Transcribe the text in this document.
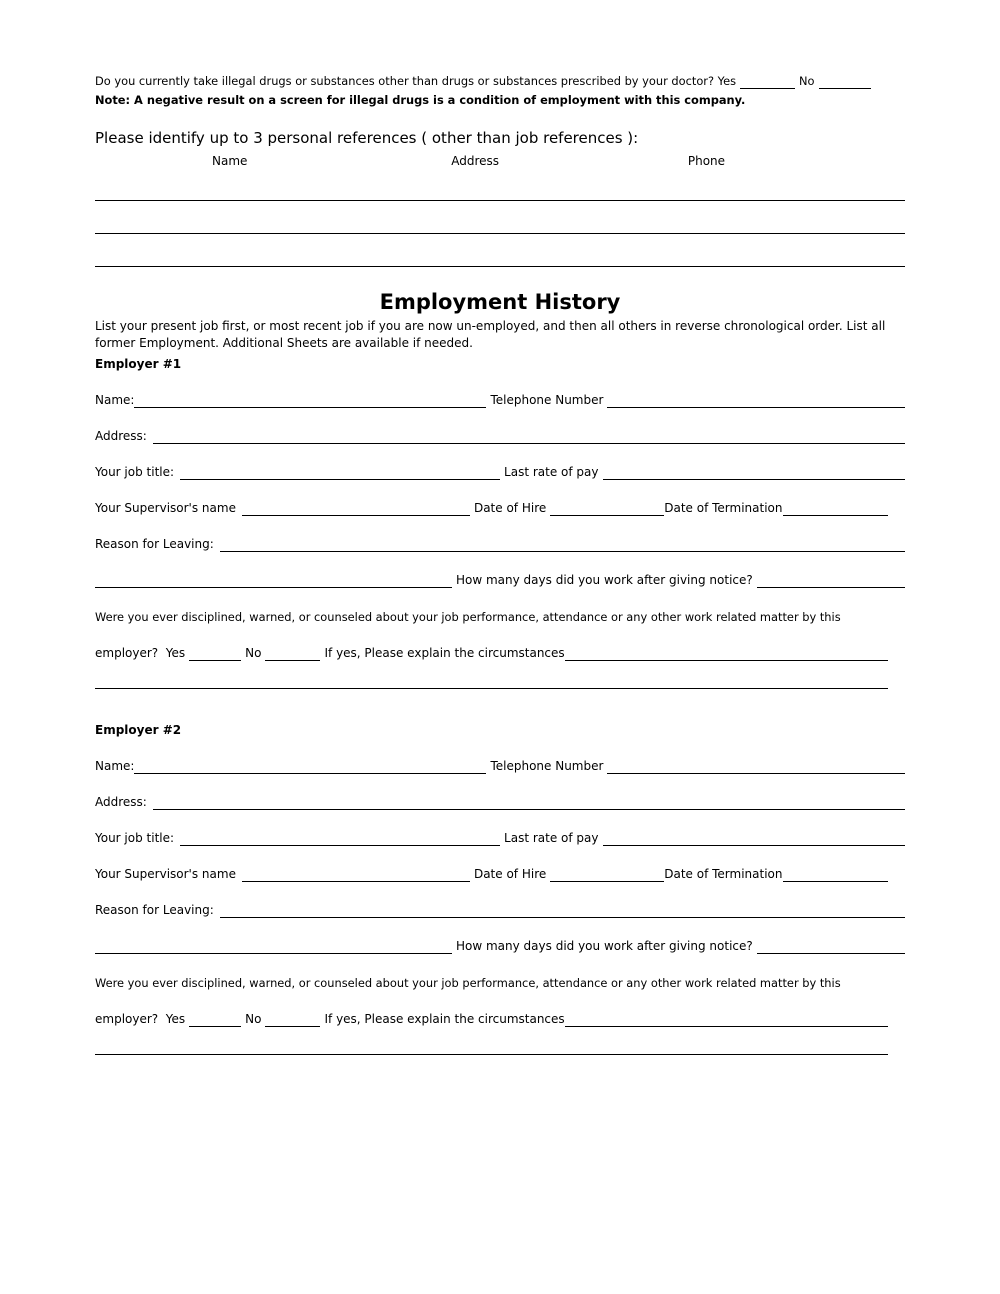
Do you currently take illegal drugs or substances other than drugs or substances prescribed by your doctor? Yes	No
Note: A negative result on a screen for illegal drugs is a condition of employment with this company.
Please identify up to 3 personal references ( other than job references ):
Name	Address	Phone
Employment History
List your present job first, or most recent job if you are now un-employed, and then all others in reverse chronological order. List all former Employment. Additional Sheets are available if needed.
Employer #1
Name:	Telephone Number
Address:
Your job title:	Last rate of pay
Your Supervisor's name	Date of Hire	Date of Termination
Reason for Leaving:
How many days did you work after giving notice?
Were you ever disciplined, warned, or counseled about your job performance, attendance or any other work related matter by this
employer?  Yes	No	If yes, Please explain the circumstances
Employer #2
Name:	Telephone Number
Address:
Your job title:	Last rate of pay
Your Supervisor's name	Date of Hire	Date of Termination
Reason for Leaving:
How many days did you work after giving notice?
Were you ever disciplined, warned, or counseled about your job performance, attendance or any other work related matter by this
employer?  Yes	No	If yes, Please explain the circumstances
